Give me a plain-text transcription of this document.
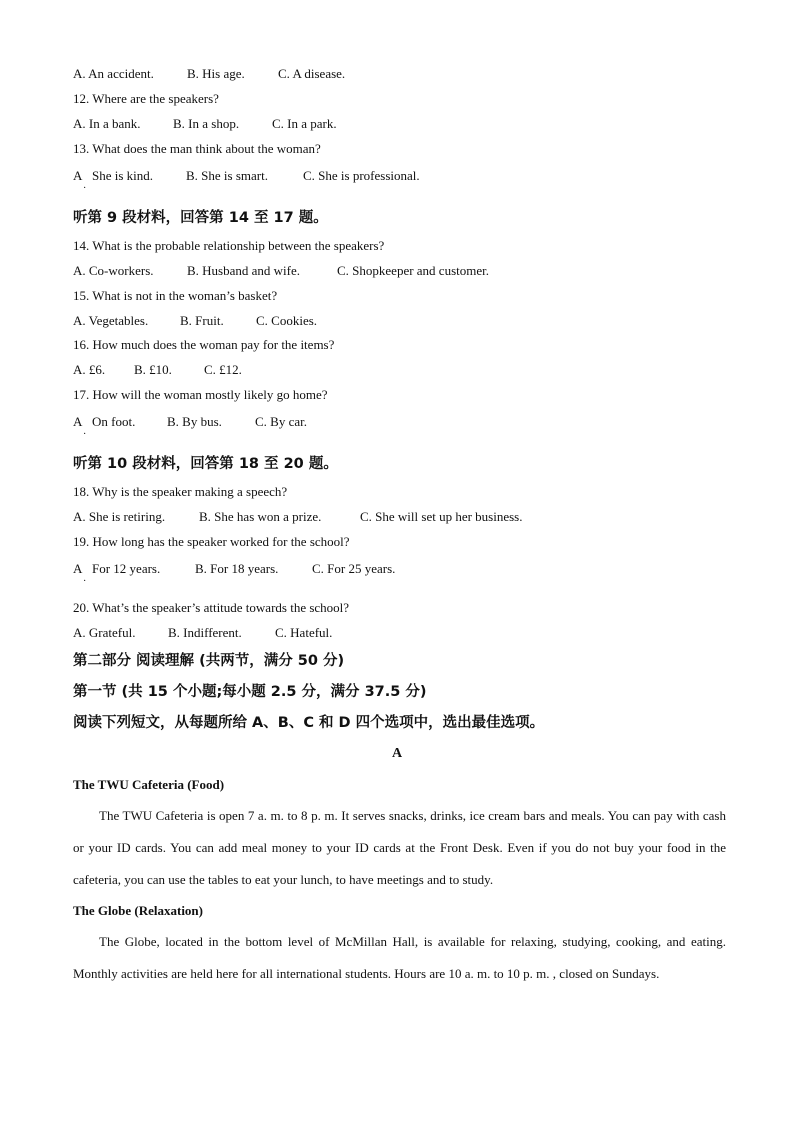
A. An accident.	B. His age.	C. A disease.
12. Where are the speakers?
A. In a bank. B. In a shop.	C. In a park.
13. What does the man think about the woman?
A She is kind.	B. She is smart.	C. She is professional.
·
听第 9 段材料，回答第 14 至 17 题。
14. What is the probable relationship between the speakers?
A. Co-workers.	B. Husband and wife.	C. Shopkeeper and customer.
15. What is not in the woman’s basket?
A. Vegetables. B. Fruit. C. Cookies.
16. How much does the woman pay for the items?
A. £6. B. £10. C. £12.
17. How will the woman mostly likely go home?
A On foot. B. By bus.	C. By car.
·
听第 10 段材料，回答第 18 至 20 题。
18. Why is the speaker making a speech?
A. She is retiring.	B. She has won a prize.	C. She will set up her business.
19. How long has the speaker worked for the school?
A For 12 years.	B. For 18 years.	C. For 25 years.
·
20. What’s the speaker’s attitude towards the school?
A. Grateful.	B. Indifferent.	C. Hateful.
第二部分 阅读理解 (共两节，满分 50 分)
第一节 (共 15 个小题;每小题 2.5 分，满分 37.5 分)
阅读下列短文，从每题所给 A、B、C 和 D 四个选项中，选出最佳选项。
A
The TWU Cafeteria (Food)
The TWU Cafeteria is open 7 a. m. to 8 p. m. It serves snacks, drinks, ice cream bars and meals. You can pay with cash or your ID cards. You can add meal money to your ID cards at the Front Desk. Even if you do not buy your food in the cafeteria, you can use the tables to eat your lunch, to have meetings and to study.
The Globe (Relaxation)
The Globe, located in the bottom level of McMillan Hall, is available for relaxing, studying, cooking, and eating. Monthly activities are held here for all international students. Hours are 10 a. m. to 10 p. m. , closed on Sundays.
